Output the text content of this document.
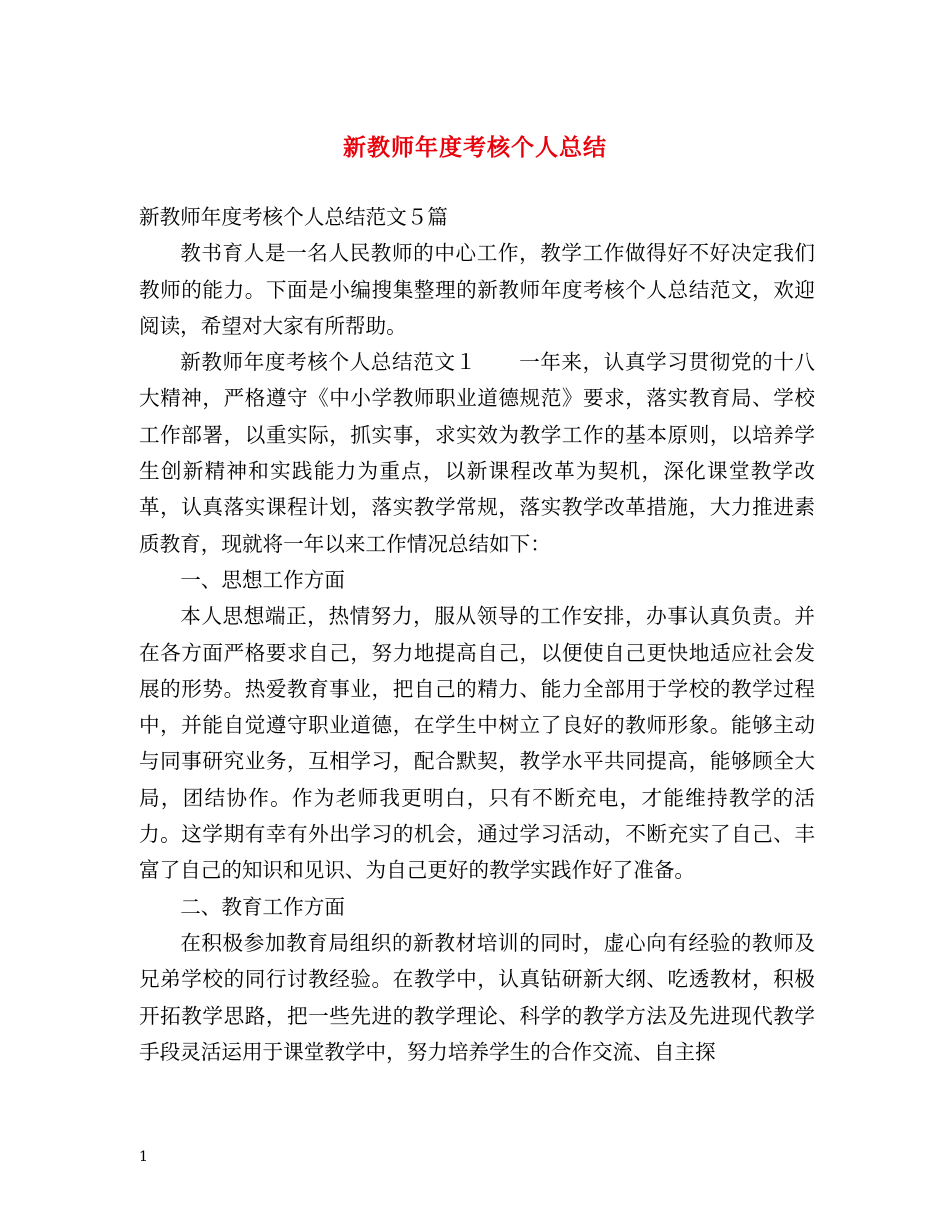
新教师年度考核个人总结

新教师年度考核个人总结范文５篇

教书育人是一名人民教师的中心工作，教学工作做得好不好决定我们教师的能力。下面是小编搜集整理的新教师年度考核个人总结范文，欢迎阅读，希望对大家有所帮助。

新教师年度考核个人总结范文１　　一年来，认真学习贯彻党的十八大精神，严格遵守《中小学教师职业道德规范》要求，落实教育局、学校工作部署，以重实际，抓实事，求实效为教学工作的基本原则，以培养学生创新精神和实践能力为重点，以新课程改革为契机，深化课堂教学改革，认真落实课程计划，落实教学常规，落实教学改革措施，大力推进素质教育，现就将一年以来工作情况总结如下：

一、思想工作方面

本人思想端正，热情努力，服从领导的工作安排，办事认真负责。并在各方面严格要求自己，努力地提高自己，以便使自己更快地适应社会发展的形势。热爱教育事业，把自己的精力、能力全部用于学校的教学过程中，并能自觉遵守职业道德，在学生中树立了良好的教师形象。能够主动与同事研究业务，互相学习，配合默契，教学水平共同提高，能够顾全大局，团结协作。作为老师我更明白，只有不断充电，才能维持教学的活力。这学期有幸有外出学习的机会，通过学习活动，不断充实了自己、丰富了自己的知识和见识、为自己更好的教学实践作好了准备。

二、教育工作方面

在积极参加教育局组织的新教材培训的同时，虚心向有经验的教师及兄弟学校的同行讨教经验。在教学中，认真钻研新大纲、吃透教材，积极开拓教学思路，把一些先进的教学理论、科学的教学方法及先进现代教学手段灵活运用于课堂教学中，努力培养学生的合作交流、自主探

1
